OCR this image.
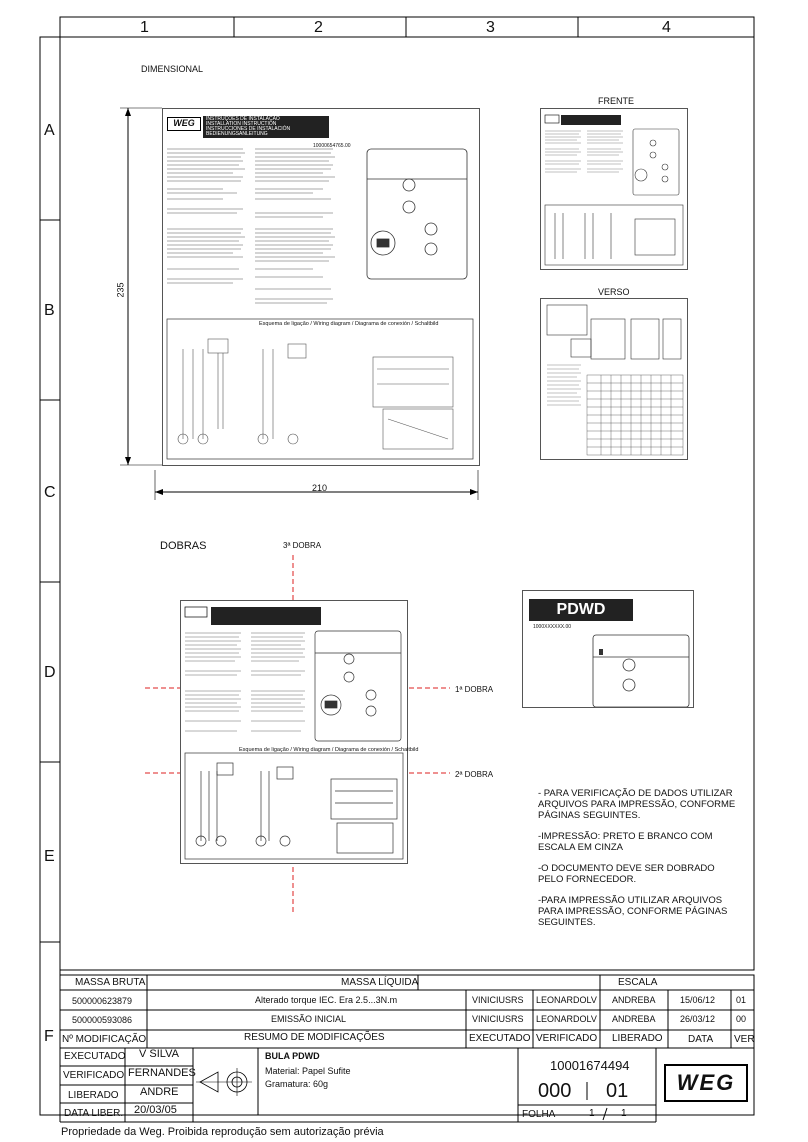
1	2	3	4
A
B
C
D
E
F
DIMENSIONAL
DOBRAS
FRENTE
VERSO
235
210
WEG	INSTRUÇÕES DE INSTALAÇÃO
INSTALLATION INSTRUCTION
INSTRUCCIONES DE INSTALACIÓN
BEDIENUNGSANLEITUNG
10000654765.00
Esquema de ligação / Wiring diagram / Diagrama de conexión / Schaltbild
Esquema de ligação / Wiring diagram / Diagrama de conexión / Schaltbild
3ª DOBRA
1ª DOBRA
2ª DOBRA
PDWD
1000XXXXXX.00

- PARA VERIFICAÇÃO DE DADOS UTILIZAR ARQUIVOS PARA IMPRESSÃO, CONFORME PÁGINAS SEGUINTES.

-IMPRESSÃO: PRETO E BRANCO COM ESCALA EM CINZA

-O DOCUMENTO DEVE SER DOBRADO PELO FORNECEDOR.

-PARA IMPRESSÃO UTILIZAR ARQUIVOS PARA IMPRESSÃO, CONFORME PÁGINAS SEGUINTES.

MASSA BRUTA	MASSA LÍQUIDA	ESCALA
500000623879	Alterado torque IEC. Era 2.5...3N.m	VINICIUSRS LEONARDOLV ANDREBA	15/06/12 01
500000593086	EMISSÃO INICIAL	VINICIUSRS LEONARDOLV ANDREBA	26/03/12 00
Nº MODIFICAÇÃO	RESUMO DE MODIFICAÇÕES	EXECUTADO VERIFICADO LIBERADO	DATA VER
EXECUTADO V SILVA
VERIFICADO FERNANDES
LIBERADO ANDRE
DATA LIBER. 20/03/05
BULA PDWD
Material: Papel Sufite
Gramatura: 60g
10001674494
000 01
FOLHA	1	1
WEG
Propriedade da Weg. Proibida reprodução sem autorização prévia
